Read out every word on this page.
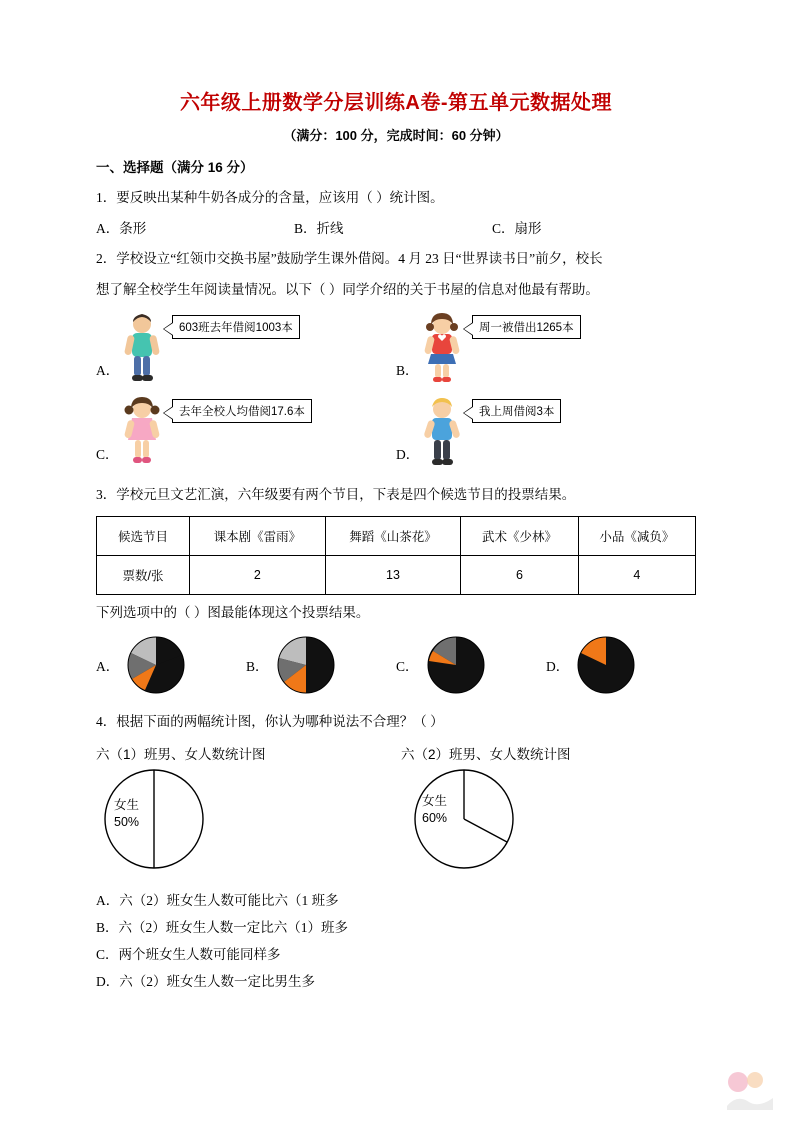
六年级上册数学分层训练A卷-第五单元数据处理
（满分：100 分，完成时间：60 分钟）
一、选择题（满分 16 分）

1．要反映出某种牛奶各成分的含量，应该用（ ）统计图。

A．条形	B．折线	C．扇形

2．学校设立“红领巾交换书屋”鼓励学生课外借阅。4 月 23 日“世界读书日”前夕，校长

想了解全校学生年阅读量情况。以下（ ）同学介绍的关于书屋的信息对他最有帮助。

A．
603班去年借阅1003本
B．
周一被借出1265本
C．
去年全校人均借阅17.6本
D．
我上周借阅3本

3．学校元旦文艺汇演，六年级要有两个节目，下表是四个候选节目的投票结果。

候选节目	课本剧《雷雨》	舞蹈《山茶花》	武术《少林》	小品《减负》
票数/张	2	13	6	4

下列选项中的（ ）图最能体现这个投票结果。

A．	B．	C．	D．

4．根据下面的两幅统计图，你认为哪种说法不合理？（ ）

六（1）班男、女人数统计图	六（2）班男、女人数统计图
女生
50%
女生
60%

A．六（2）班女生人数可能比六（1 班多

B．六（2）班女生人数一定比六（1）班多

C．两个班女生人数可能同样多

D．六（2）班女生人数一定比男生多
